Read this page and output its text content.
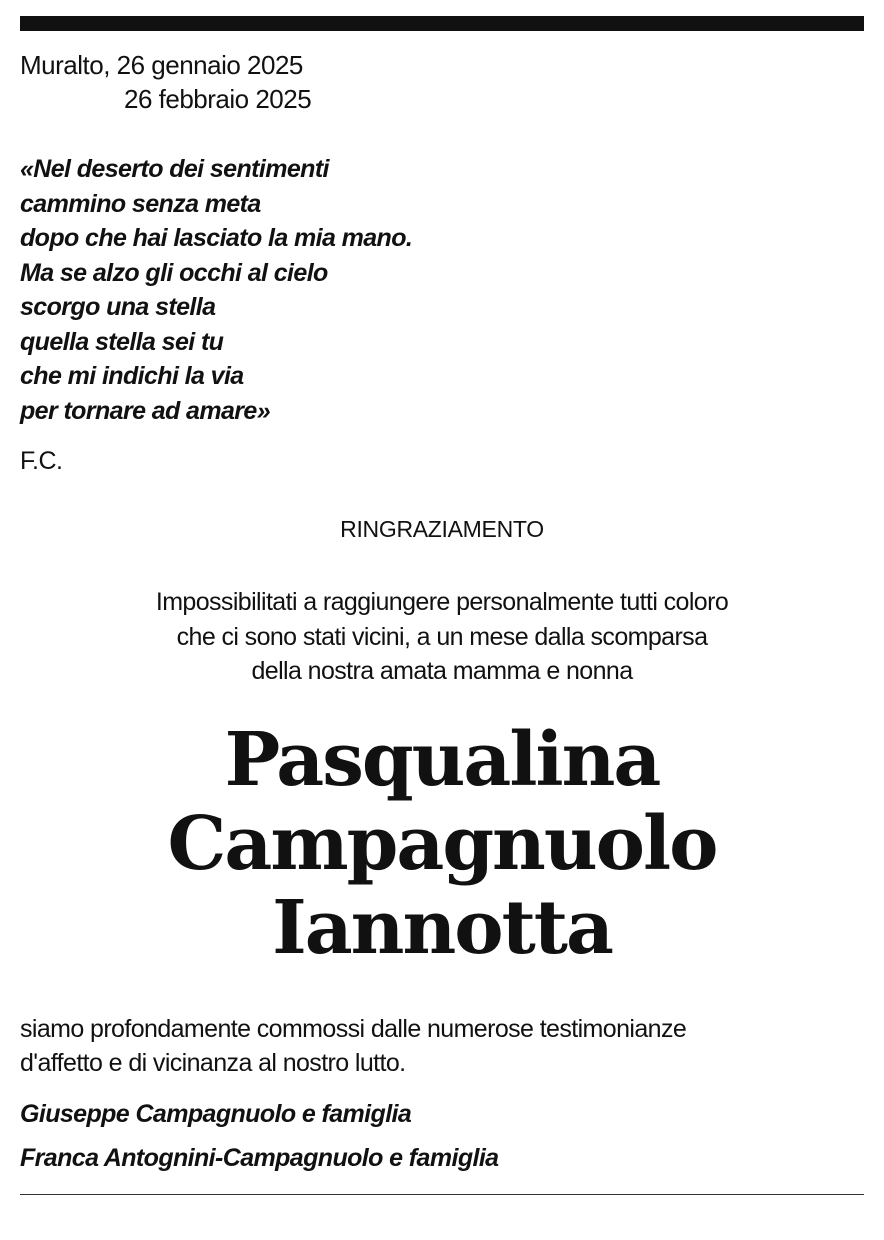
Muralto, 26 gennaio 2025
26 febbraio 2025
«Nel deserto dei sentimenti
cammino senza meta
dopo che hai lasciato la mia mano.
Ma se alzo gli occhi al cielo
scorgo una stella
quella stella sei tu
che mi indichi la via
per tornare ad amare»
F.C.
RINGRAZIAMENTO
Impossibilitati a raggiungere personalmente tutti coloro
che ci sono stati vicini, a un mese dalla scomparsa
della nostra amata mamma e nonna
Pasqualina
Campagnuolo
Iannotta
siamo profondamente commossi dalle numerose testimonianze
d'affetto e di vicinanza al nostro lutto.
Giuseppe Campagnuolo e famiglia
Franca Antognini-Campagnuolo e famiglia
